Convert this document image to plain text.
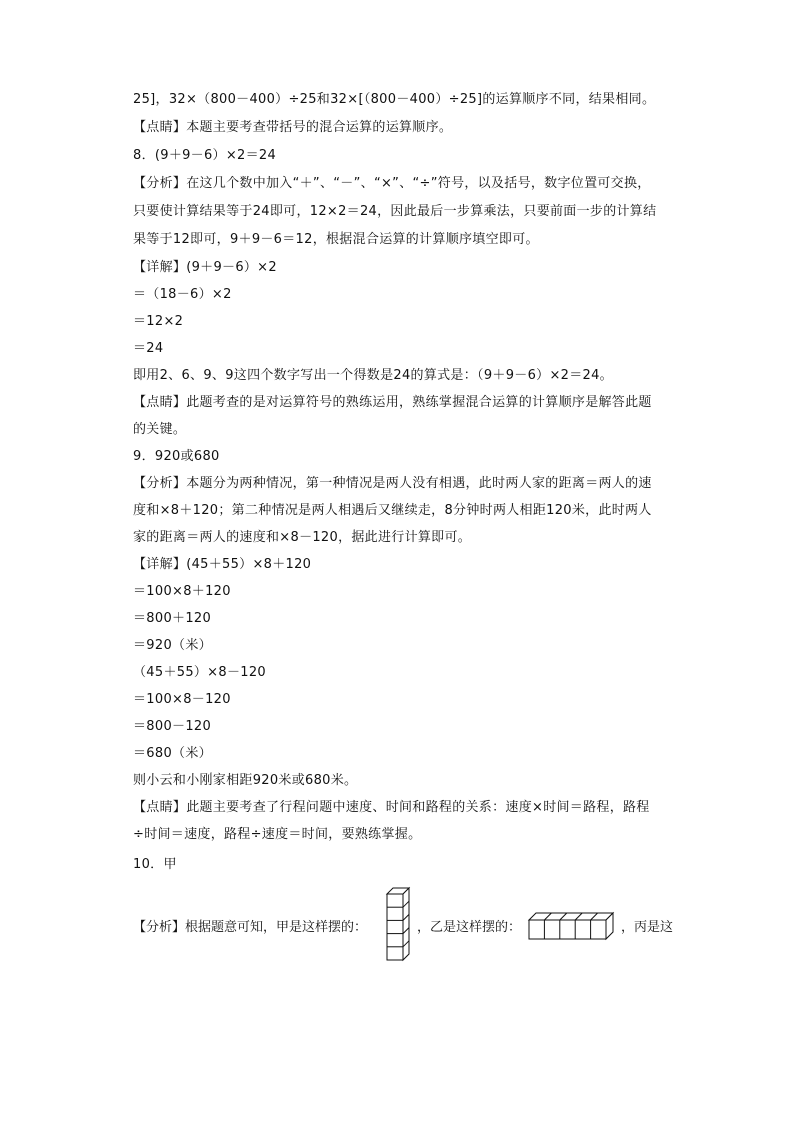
25]，32×（800－400）÷25和32×[（800－400）÷25]的运算顺序不同，结果相同。
【点睛】本题主要考查带括号的混合运算的运算顺序。
8．(9＋9－6）×2＝24
【分析】在这几个数中加入“＋”、“－”、“×”、“÷”符号，以及括号，数字位置可交换，
只要使计算结果等于24即可，12×2＝24，因此最后一步算乘法，只要前面一步的计算结
果等于12即可，9＋9－6＝12，根据混合运算的计算顺序填空即可。
【详解】(9＋9－6）×2
＝（18－6）×2
＝12×2
＝24
即用2、6、9、9这四个数字写出一个得数是24的算式是：（9＋9－6）×2＝24。
【点睛】此题考查的是对运算符号的熟练运用，熟练掌握混合运算的计算顺序是解答此题
的关键。
9．920或680
【分析】本题分为两种情况，第一种情况是两人没有相遇，此时两人家的距离＝两人的速
度和×8＋120；第二种情况是两人相遇后又继续走，8分钟时两人相距120米，此时两人
家的距离＝两人的速度和×8－120，据此进行计算即可。
【详解】(45＋55）×8＋120
＝100×8＋120
＝800＋120
＝920（米）
（45＋55）×8－120
＝100×8－120
＝800－120
＝680（米）
则小云和小刚家相距920米或680米。
【点睛】此题主要考查了行程问题中速度、时间和路程的关系：速度×时间＝路程，路程
÷时间＝速度，路程÷速度＝时间，要熟练掌握。
10．甲
【分析】根据题意可知，甲是这样摆的：	，乙是这样摆的：	，丙是这
